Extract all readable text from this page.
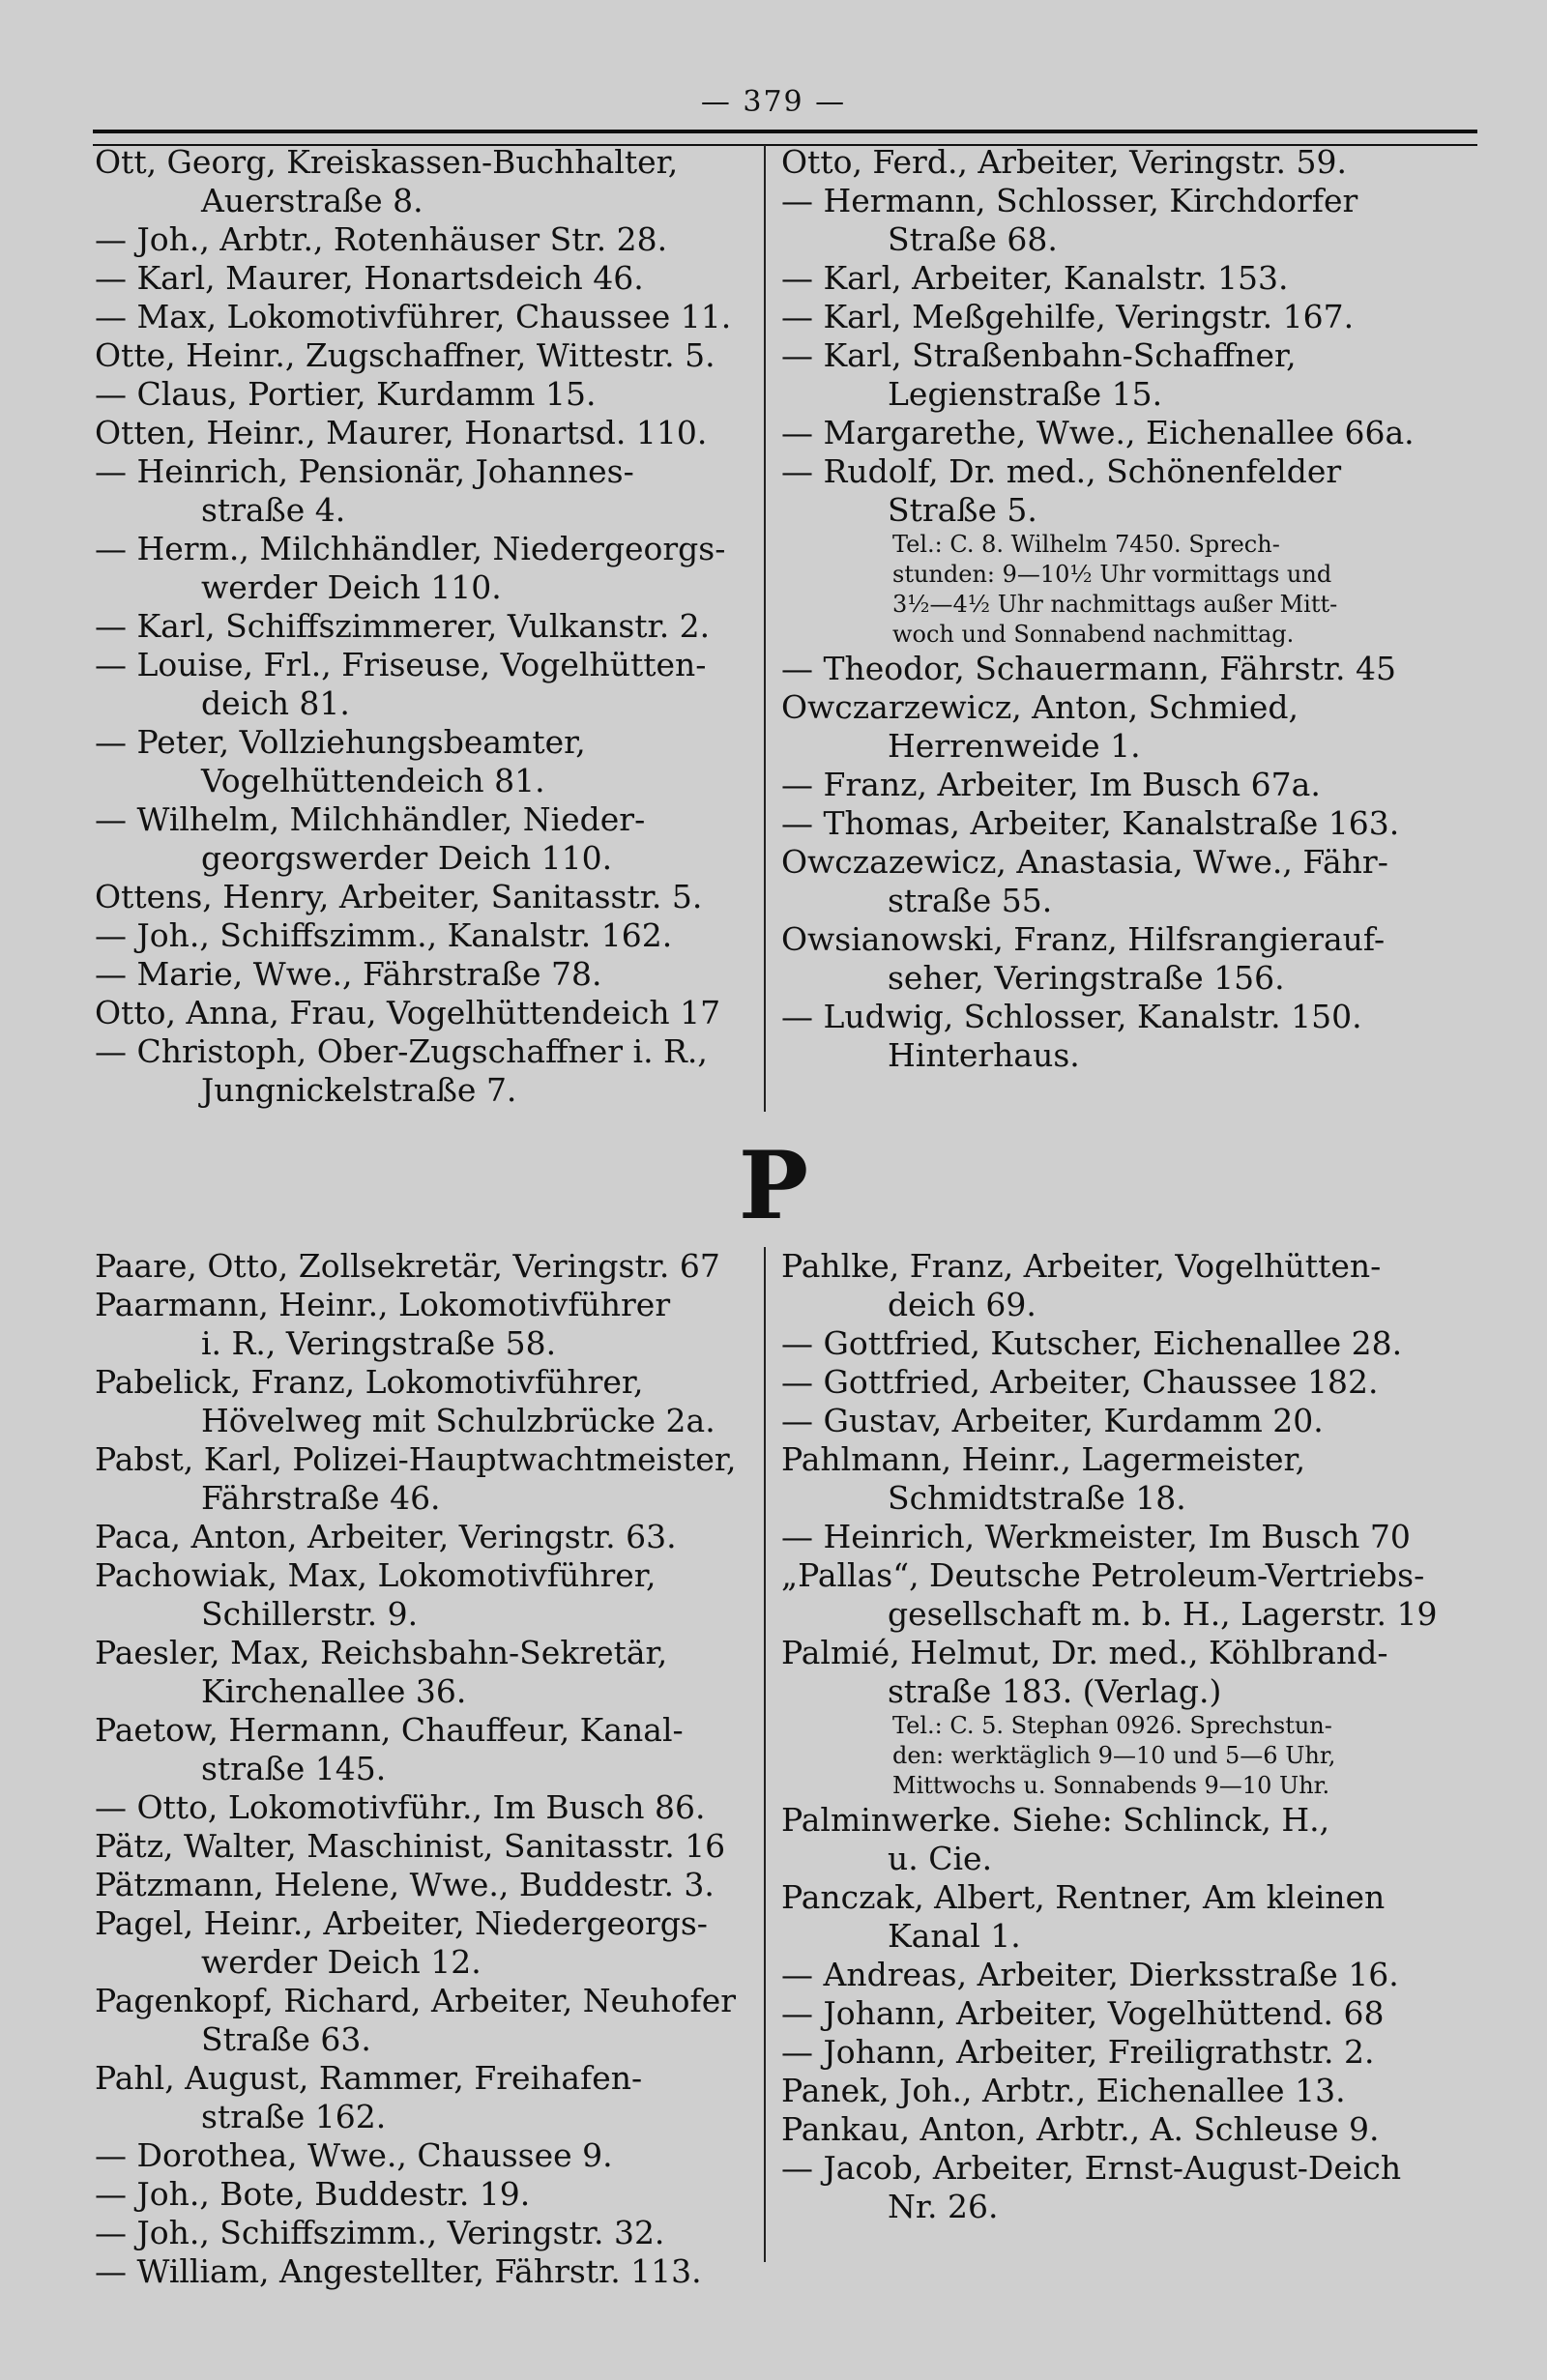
— 379 —
Ott, Georg, Kreiskassen-Buchhalter,
Auerstraße 8.
— Joh., Arbtr., Rotenhäuser Str. 28.
— Karl, Maurer, Honartsdeich 46.
— Max, Lokomotivführer, Chaussee 11.
Otte, Heinr., Zugschaffner, Wittestr. 5.
— Claus, Portier, Kurdamm 15.
Otten, Heinr., Maurer, Honartsd. 110.
— Heinrich, Pensionär, Johannes-
straße 4.
— Herm., Milchhändler, Niedergeorgs-
werder Deich 110.
— Karl, Schiffszimmerer, Vulkanstr. 2.
— Louise, Frl., Friseuse, Vogelhütten-
deich 81.
— Peter, Vollziehungsbeamter,
Vogelhüttendeich 81.
— Wilhelm, Milchhändler, Nieder-
georgswerder Deich 110.
Ottens, Henry, Arbeiter, Sanitasstr. 5.
— Joh., Schiffszimm., Kanalstr. 162.
— Marie, Wwe., Fährstraße 78.
Otto, Anna, Frau, Vogelhüttendeich 17
— Christoph, Ober-Zugschaffner i. R.,
Jungnickelstraße 7.
Otto, Ferd., Arbeiter, Veringstr. 59.
— Hermann, Schlosser, Kirchdorfer
Straße 68.
— Karl, Arbeiter, Kanalstr. 153.
— Karl, Meßgehilfe, Veringstr. 167.
— Karl, Straßenbahn-Schaffner,
Legienstraße 15.
— Margarethe, Wwe., Eichenallee 66a.
— Rudolf, Dr. med., Schönenfelder
Straße 5.
Tel.: C. 8. Wilhelm 7450. Sprech-
stunden: 9—10½ Uhr vormittags und
3½—4½ Uhr nachmittags außer Mitt-
woch und Sonnabend nachmittag.
— Theodor, Schauermann, Fährstr. 45
Owczarzewicz, Anton, Schmied,
Herrenweide 1.
— Franz, Arbeiter, Im Busch 67a.
— Thomas, Arbeiter, Kanalstraße 163.
Owczazewicz, Anastasia, Wwe., Fähr-
straße 55.
Owsianowski, Franz, Hilfsrangierauf-
seher, Veringstraße 156.
— Ludwig, Schlosser, Kanalstr. 150.
Hinterhaus.
P
Paare, Otto, Zollsekretär, Veringstr. 67
Paarmann, Heinr., Lokomotivführer
i. R., Veringstraße 58.
Pabelick, Franz, Lokomotivführer,
Hövelweg mit Schulzbrücke 2a.
Pabst, Karl, Polizei-Hauptwachtmeister,
Fährstraße 46.
Paca, Anton, Arbeiter, Veringstr. 63.
Pachowiak, Max, Lokomotivführer,
Schillerstr. 9.
Paesler, Max, Reichsbahn-Sekretär,
Kirchenallee 36.
Paetow, Hermann, Chauffeur, Kanal-
straße 145.
— Otto, Lokomotivführ., Im Busch 86.
Pätz, Walter, Maschinist, Sanitasstr. 16
Pätzmann, Helene, Wwe., Buddestr. 3.
Pagel, Heinr., Arbeiter, Niedergeorgs-
werder Deich 12.
Pagenkopf, Richard, Arbeiter, Neuhofer
Straße 63.
Pahl, August, Rammer, Freihafen-
straße 162.
— Dorothea, Wwe., Chaussee 9.
— Joh., Bote, Buddestr. 19.
— Joh., Schiffszimm., Veringstr. 32.
— William, Angestellter, Fährstr. 113.
Pahlke, Franz, Arbeiter, Vogelhütten-
deich 69.
— Gottfried, Kutscher, Eichenallee 28.
— Gottfried, Arbeiter, Chaussee 182.
— Gustav, Arbeiter, Kurdamm 20.
Pahlmann, Heinr., Lagermeister,
Schmidtstraße 18.
— Heinrich, Werkmeister, Im Busch 70
„Pallas“, Deutsche Petroleum-Vertriebs-
gesellschaft m. b. H., Lagerstr. 19
Palmié, Helmut, Dr. med., Köhlbrand-
straße 183. (Verlag.)
Tel.: C. 5. Stephan 0926. Sprechstun-
den: werktäglich 9—10 und 5—6 Uhr,
Mittwochs u. Sonnabends 9—10 Uhr.
Palminwerke. Siehe: Schlinck, H.,
u. Cie.
Panczak, Albert, Rentner, Am kleinen
Kanal 1.
— Andreas, Arbeiter, Dierksstraße 16.
— Johann, Arbeiter, Vogelhüttend. 68
— Johann, Arbeiter, Freiligrathstr. 2.
Panek, Joh., Arbtr., Eichenallee 13.
Pankau, Anton, Arbtr., A. Schleuse 9.
— Jacob, Arbeiter, Ernst-August-Deich
Nr. 26.
